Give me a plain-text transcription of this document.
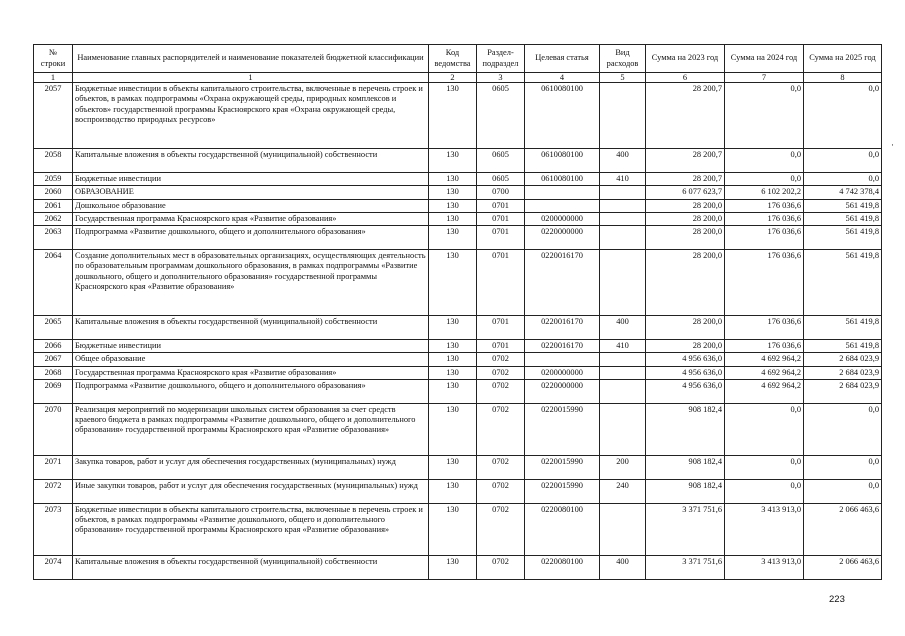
№ строки	Наименование главных распорядителей и наименование показателей бюджетной классификации	Код ведомства	Раздел-подраздел	Целевая статья	Вид расходов	Сумма на 2023 год	Сумма на 2024 год	Сумма на 2025 год
1	1	2	3	4	5	6	7	8
2057	Бюджетные инвестиции в объекты капитального строительства, включенные в перечень строек и объектов, в рамках подпрограммы «Охрана окружающей среды, природных комплексов и объектов» государственной программы Красноярского края «Охрана окружающей среды, воспроизводство природных ресурсов»	130	0605	0610080100		28 200,7	0,0	0,0
2058	Капитальные вложения в объекты государственной (муниципальной) собственности	130	0605	0610080100	400	28 200,7	0,0	0,0
2059	Бюджетные инвестиции	130	0605	0610080100	410	28 200,7	0,0	0,0
2060	ОБРАЗОВАНИЕ	130	0700			6 077 623,7	6 102 202,2	4 742 378,4
2061	Дошкольное образование	130	0701			28 200,0	176 036,6	561 419,8
2062	Государственная программа Красноярского края «Развитие образования»	130	0701	0200000000		28 200,0	176 036,6	561 419,8
2063	Подпрограмма «Развитие дошкольного, общего и дополнительного образования»	130	0701	0220000000		28 200,0	176 036,6	561 419,8
2064	Создание дополнительных мест в образовательных организациях, осуществляющих деятельность по образовательным программам дошкольного образования, в рамках подпрограммы «Развитие дошкольного, общего и дополнительного образования» государственной программы Красноярского края «Развитие образования»	130	0701	0220016170		28 200,0	176 036,6	561 419,8
2065	Капитальные вложения в объекты государственной (муниципальной) собственности	130	0701	0220016170	400	28 200,0	176 036,6	561 419,8
2066	Бюджетные инвестиции	130	0701	0220016170	410	28 200,0	176 036,6	561 419,8
2067	Общее образование	130	0702			4 956 636,0	4 692 964,2	2 684 023,9
2068	Государственная программа Красноярского края «Развитие образования»	130	0702	0200000000		4 956 636,0	4 692 964,2	2 684 023,9
2069	Подпрограмма «Развитие дошкольного, общего и дополнительного образования»	130	0702	0220000000		4 956 636,0	4 692 964,2	2 684 023,9
2070	Реализация мероприятий по модернизации школьных систем образования за счет средств краевого бюджета в рамках подпрограммы «Развитие дошкольного, общего и дополнительного образования» государственной программы Красноярского края «Развитие образования»	130	0702	0220015990		908 182,4	0,0	0,0
2071	Закупка товаров, работ и услуг для обеспечения государственных (муниципальных) нужд	130	0702	0220015990	200	908 182,4	0,0	0,0
2072	Иные закупки товаров, работ и услуг для обеспечения государственных (муниципальных) нужд	130	0702	0220015990	240	908 182,4	0,0	0,0
2073	Бюджетные инвестиции в объекты капитального строительства, включенные в перечень строек и объектов, в рамках подпрограммы «Развитие дошкольного, общего и дополнительного образования» государственной программы Красноярского края «Развитие образования»	130	0702	0220080100		3 371 751,6	3 413 913,0	2 066 463,6
2074	Капитальные вложения в объекты государственной (муниципальной) собственности	130	0702	0220080100	400	3 371 751,6	3 413 913,0	2 066 463,6
·
223
